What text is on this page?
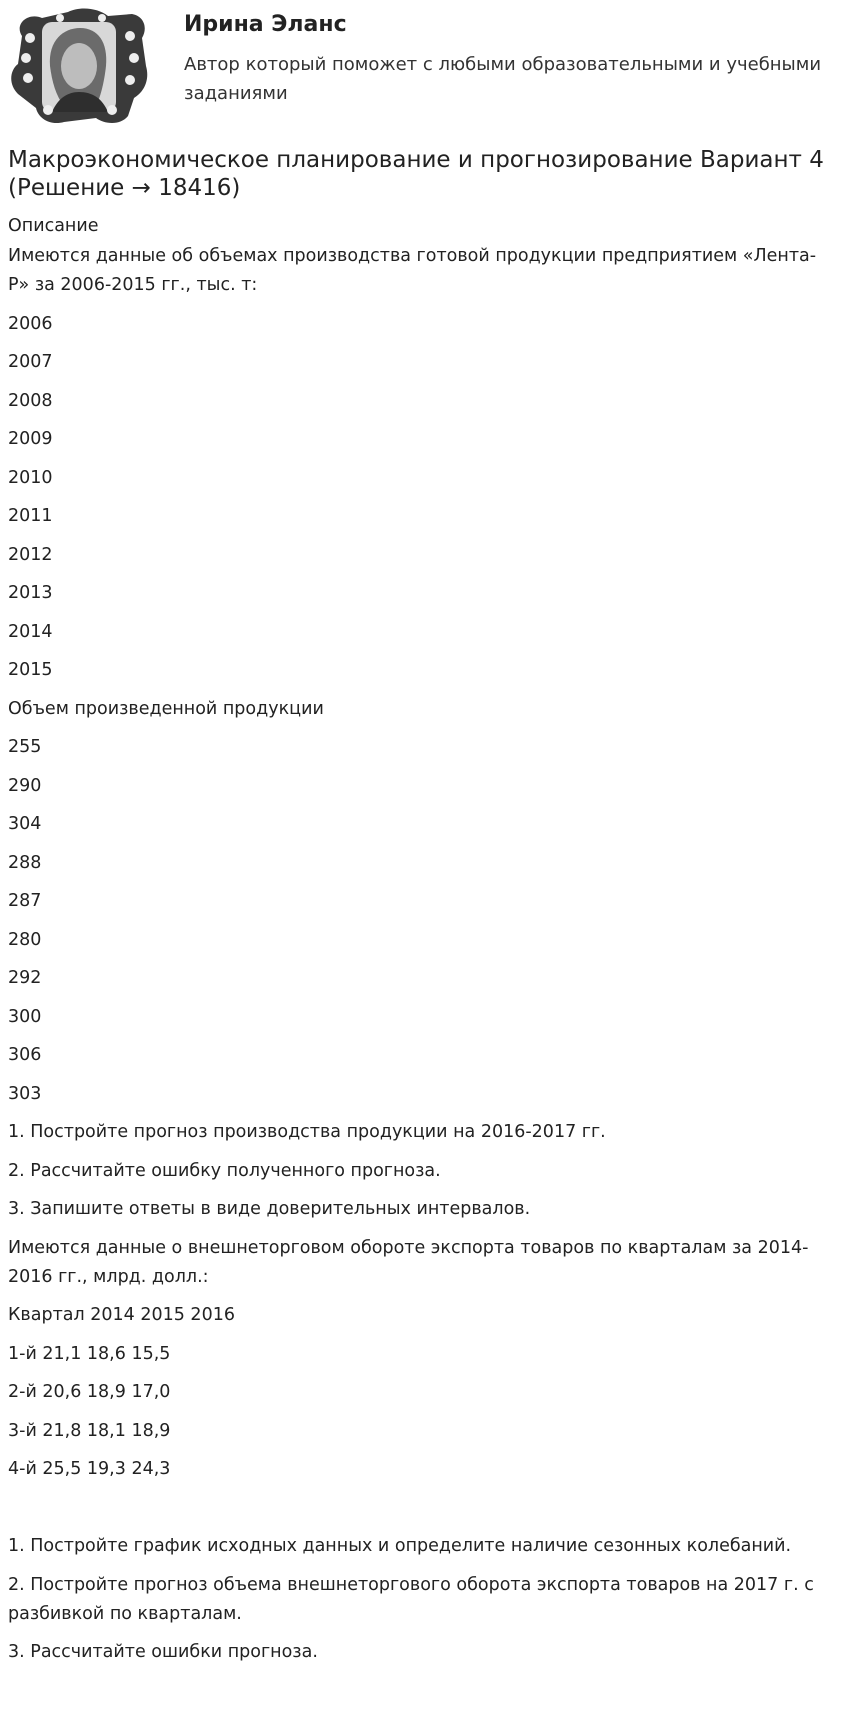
Ирина Эланс
Автор который поможет с любыми образовательными и учебными заданиями
Макроэкономическое планирование и прогнозирование Вариант 4 (Решение → 18416)
Описание

Имеются данные об объемах производства готовой продукции предприятием «Лента-Р» за 2006-2015 гг., тыс. т:

2006

2007

2008

2009

2010

2011

2012

2013

2014

2015

Объем произведенной продукции

255

290

304

288

287

280

292

300

306

303

1. Постройте прогноз производства продукции на 2016-2017 гг.

2. Рассчитайте ошибку полученного прогноза.

3. Запишите ответы в виде доверительных интервалов.

Имеются данные о внешнеторговом обороте экспорта товаров по кварталам за 2014-2016 гг., млрд. долл.:

Квартал 2014 2015 2016

1-й 21,1 18,6 15,5

2-й 20,6 18,9 17,0

3-й 21,8 18,1 18,9

4-й 25,5 19,3 24,3

1. Постройте график исходных данных и определите наличие сезонных колебаний.

2. Постройте прогноз объема внешнеторгового оборота экспорта товаров на 2017 г. с разбивкой по кварталам.

3. Рассчитайте ошибки прогноза.
